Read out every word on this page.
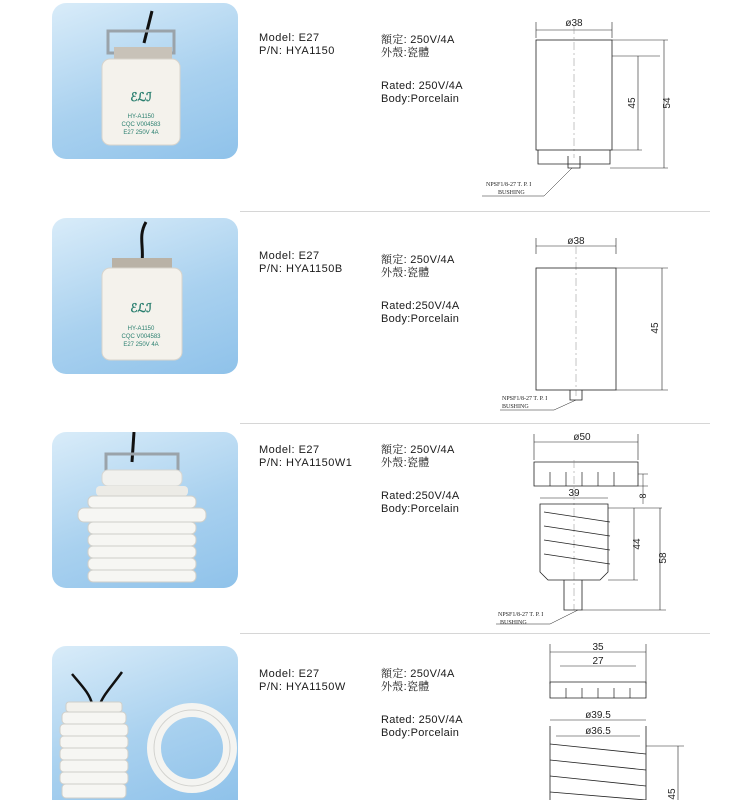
ℰℒℐ
HY-A1150
CQC V004583
E27 250V 4A
Model: E27
P/N: HYA1150
額定: 250V/4A
外殼:瓷體
Rated: 250V/4A
Body:Porcelain
ø38
45 54
NPSF1/8-27 T. P. I
BUSHING
ℰℒℐ
HY-A1150
CQC V004583
E27 250V 4A
Model: E27
P/N: HYA1150B
額定: 250V/4A
外殼:瓷體
Rated:250V/4A
Body:Porcelain
ø38
45
NPSF1/8-27 T. P. I
BUSHING
Model: E27
P/N: HYA1150W1
額定: 250V/4A
外殼:瓷體
Rated:250V/4A
Body:Porcelain
ø50
8
39
44
58
NPSF1/8-27 T. P. I
BUSHING
Model: E27
P/N: HYA1150W
額定: 250V/4A
外殼:瓷體
Rated: 250V/4A
Body:Porcelain
35
27
ø39.5
ø36.5
45
